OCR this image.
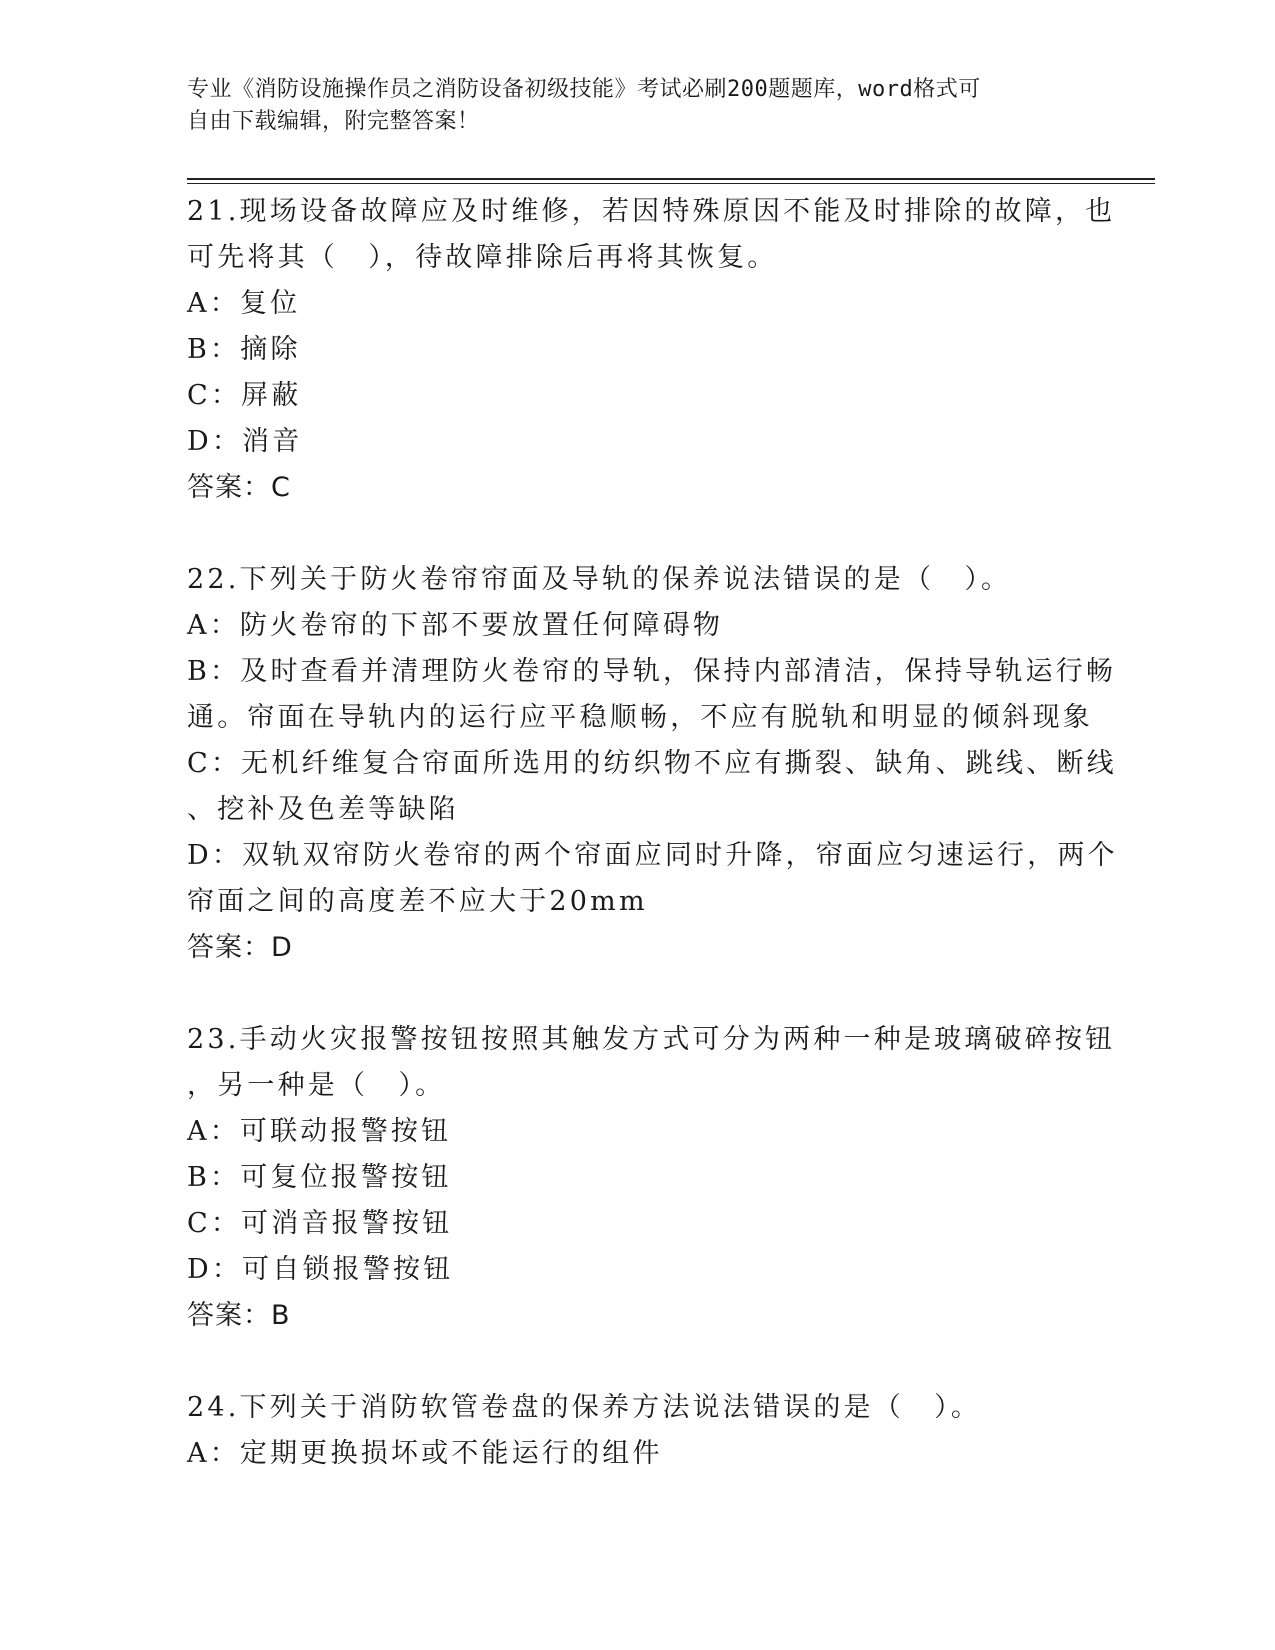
专业《消防设施操作员之消防设备初级技能》考试必刷200题题库，word格式可
自由下载编辑，附完整答案！
21.现场设备故障应及时维修，若因特殊原因不能及时排除的故障，也
可先将其（　），待故障排除后再将其恢复。
A：复位
B：摘除
C：屏蔽
D：消音
答案：C
22.下列关于防火卷帘帘面及导轨的保养说法错误的是（　）。
A：防火卷帘的下部不要放置任何障碍物
B：及时查看并清理防火卷帘的导轨，保持内部清洁，保持导轨运行畅
通。帘面在导轨内的运行应平稳顺畅，不应有脱轨和明显的倾斜现象
C：无机纤维复合帘面所选用的纺织物不应有撕裂、缺角、跳线、断线
、挖补及色差等缺陷
D：双轨双帘防火卷帘的两个帘面应同时升降，帘面应匀速运行，两个
帘面之间的高度差不应大于20mm
答案：D
23.手动火灾报警按钮按照其触发方式可分为两种一种是玻璃破碎按钮
，另一种是（　）。
A：可联动报警按钮
B：可复位报警按钮
C：可消音报警按钮
D：可自锁报警按钮
答案：B
24.下列关于消防软管卷盘的保养方法说法错误的是（　）。
A：定期更换损坏或不能运行的组件
